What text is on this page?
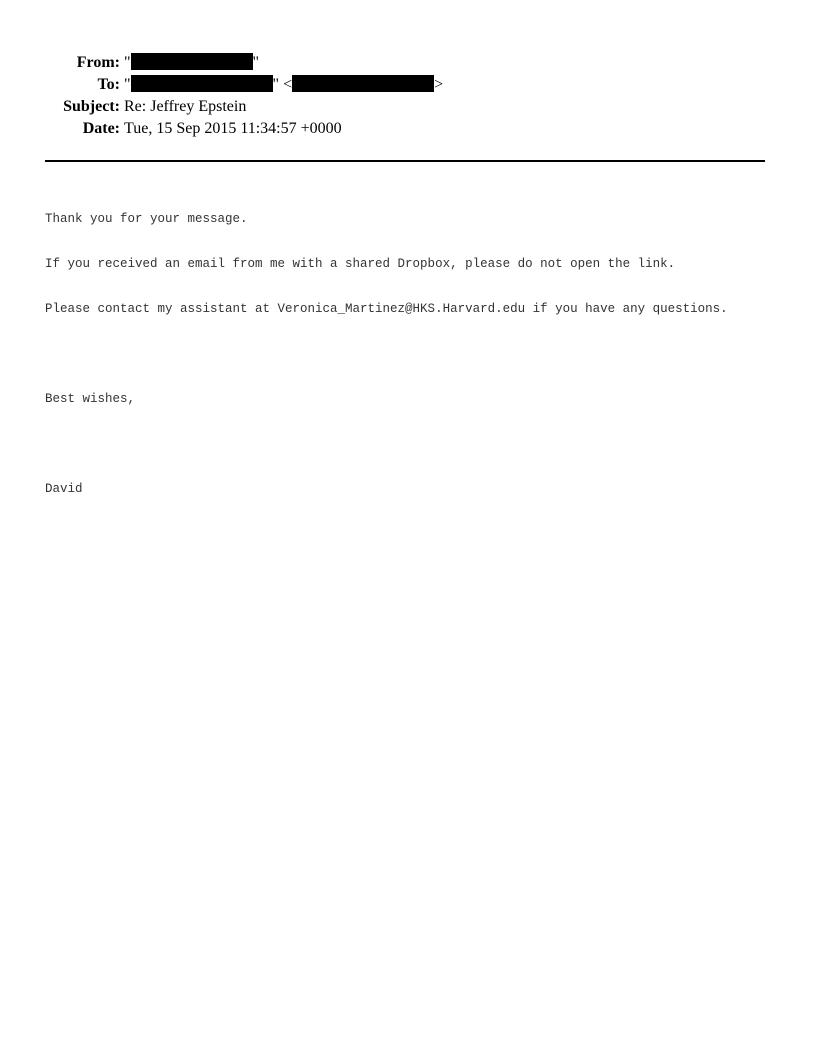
From: "	"
To: "	" <	>
Subject: Re: Jeffrey Epstein
Date: Tue, 15 Sep 2015 11:34:57 +0000

Thank you for your message.

If you received an email from me with a shared Dropbox, please do not open the link.

Please contact my assistant at Veronica_Martinez@HKS.Harvard.edu if you have any questions.

Best wishes,

David
